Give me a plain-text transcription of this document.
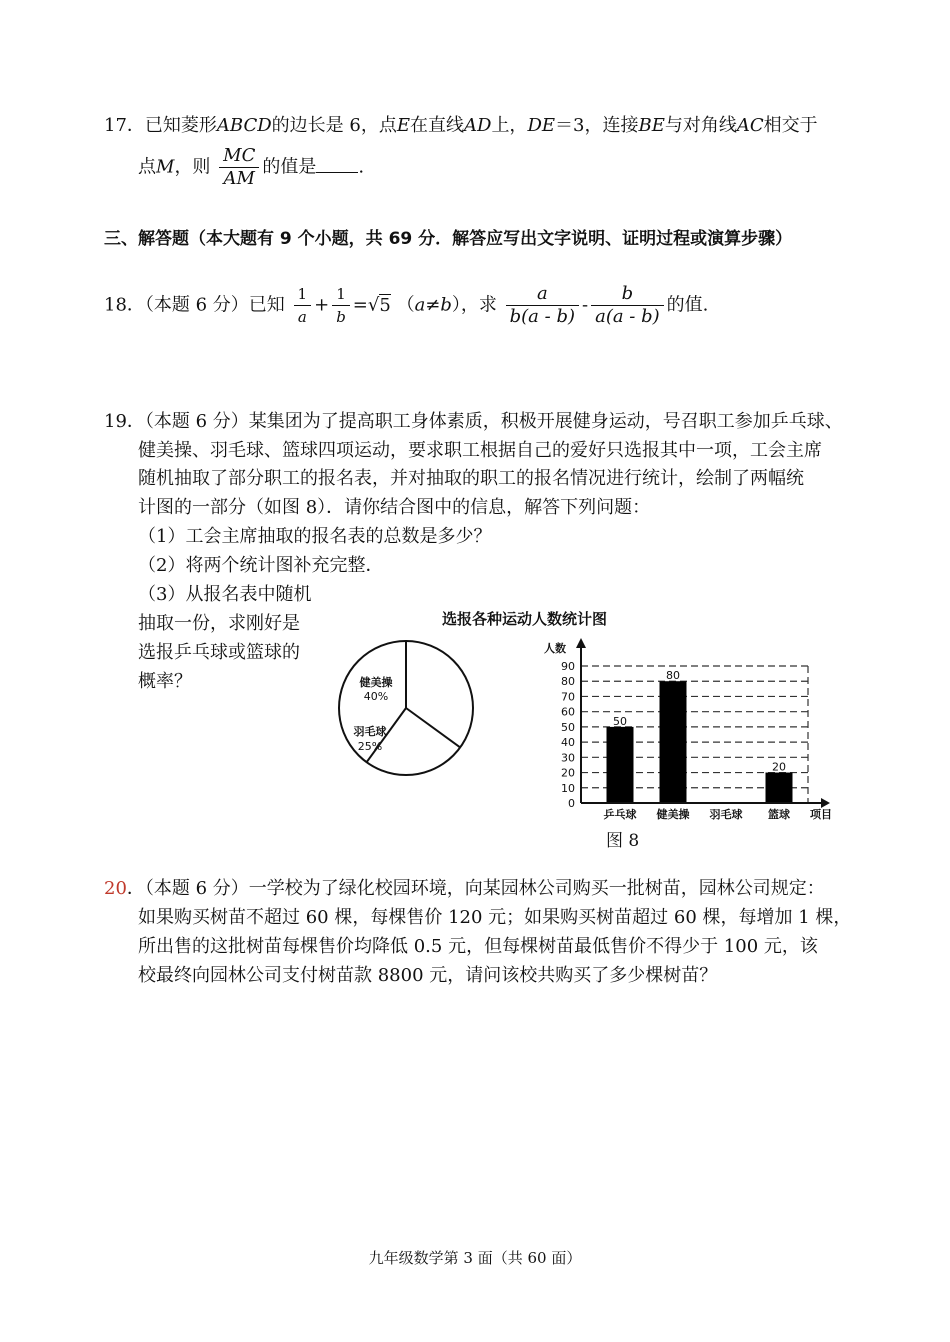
17．已知菱形ABCD的边长是 6，点E在直线AD上，DE＝3，连接BE与对角线AC相交于
点M，则 $\frac{MC}{AM}$ 的值是 .
三、解答题（本大题有 9 个小题，共 69 分．解答应写出文字说明、证明过程或演算步骤）
18．（本题 6 分）已知 $\frac{1}{a} + \frac{1}{b} =√5$ （a≠b），求 $\frac{a}{b(a - b)} - \frac{b}{a(a - b)}$ 的值.
19．（本题 6 分）某集团为了提高职工身体素质，积极开展健身运动，号召职工参加乒乓球、
健美操、羽毛球、篮球四项运动，要求职工根据自己的爱好只选报其中一项，工会主席
随机抽取了部分职工的报名表，并对抽取的职工的报名情况进行统计，绘制了两幅统
计图的一部分（如图 8）．请你结合图中的信息，解答下列问题：
（1）工会主席抽取的报名表的总数是多少？
（2）将两个统计图补充完整．
（3）从报名表中随机
抽取一份，求刚好是
选报乒乓球或篮球的
概率？	健美操
40%
羽毛球
25%
选报各种运动人数统计图
人数
项目
0
10
20
30
40
50
60
70
80
90
50
80
20
乒乓球 健美操 羽毛球 篮球
图 8
20．（本题 6 分）一学校为了绿化校园环境，向某园林公司购买一批树苗，园林公司规定：
如果购买树苗不超过 60 棵，每棵售价 120 元；如果购买树苗超过 60 棵，每增加 1 棵，
所出售的这批树苗每棵售价均降低 0.5 元，但每棵树苗最低售价不得少于 100 元，该
校最终向园林公司支付树苗款 8800 元，请问该校共购买了多少棵树苗？
九年级数学第 3 面（共 60 面）
